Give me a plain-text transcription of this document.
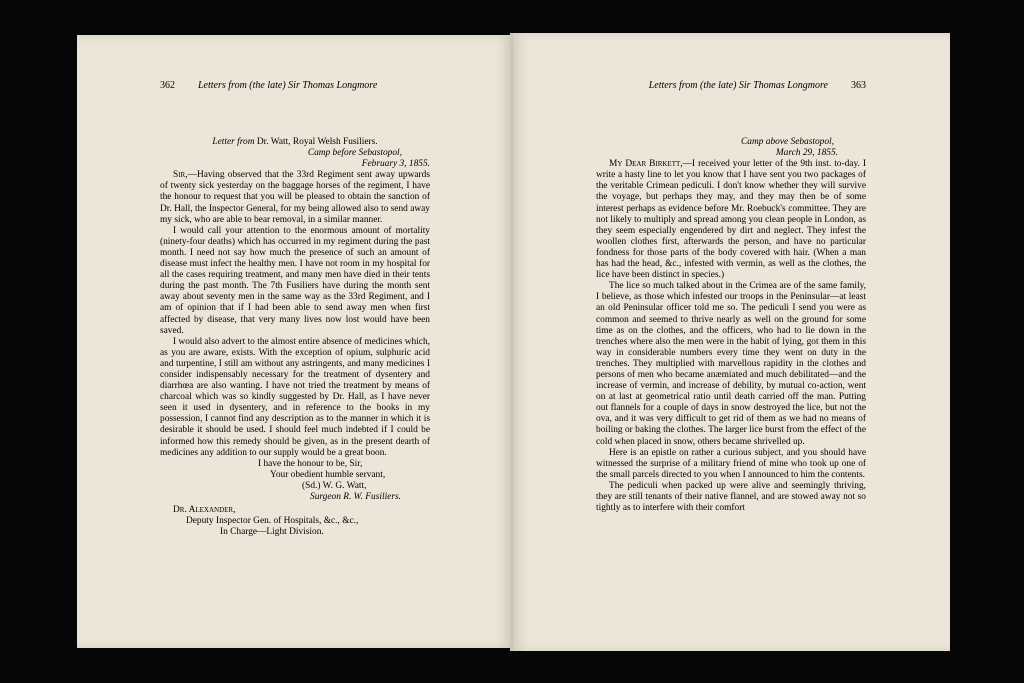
362 Letters from (the late) Sir Thomas Longmore

Letter from Dr. Watt, Royal Welsh Fusiliers.

Camp before Sebastopol,

February 3, 1855.

Sir,—Having observed that the 33rd Regiment sent away upwards of twenty sick yesterday on the baggage horses of the regiment, I have the honour to request that you will be pleased to obtain the sanction of Dr. Hall, the Inspector General, for my being allowed also to send away my sick, who are able to bear removal, in a similar manner.

I would call your attention to the enormous amount of mortality (ninety-four deaths) which has occurred in my regiment during the past month. I need not say how much the presence of such an amount of disease must infect the healthy men. I have not room in my hospital for all the cases requiring treatment, and many men have died in their tents during the past month. The 7th Fusiliers have during the month sent away about seventy men in the same way as the 33rd Regiment, and I am of opinion that if I had been able to send away men when first affected by disease, that very many lives now lost would have been saved.

I would also advert to the almost entire absence of medicines which, as you are aware, exists. With the exception of opium, sulphuric acid and turpentine, I still am without any astringents, and many medicines I consider indispensably necessary for the treatment of dysentery and diarrhœa are also wanting. I have not tried the treatment by means of charcoal which was so kindly suggested by Dr. Hall, as I have never seen it used in dysentery, and in reference to the books in my possession, I cannot find any description as to the manner in which it is desirable it should be used. I should feel much indebted if I could be informed how this remedy should be given, as in the present dearth of medicines any addition to our supply would be a great boon.

I have the honour to be, Sir,

Your obedient humble servant,

(Sd.) W. G. Watt,

Surgeon R. W. Fusiliers.

Dr. Alexander,

Deputy Inspector Gen. of Hospitals, &c., &c.,

In Charge—Light Division.

Letters from (the late) Sir Thomas Longmore 363

Camp above Sebastopol,

March 29, 1855.

My Dear Birkett,—I received your letter of the 9th inst. to-day. I write a hasty line to let you know that I have sent you two packages of the veritable Crimean pediculi. I don't know whether they will survive the voyage, but perhaps they may, and they may then be of some interest perhaps as evidence before Mr. Roebuck's committee. They are not likely to multiply and spread among you clean people in London, as they seem especially engendered by dirt and neglect. They infest the woollen clothes first, afterwards the person, and have no particular fondness for those parts of the body covered with hair. (When a man has had the head, &c., infested with vermin, as well as the clothes, the lice have been distinct in species.)

The lice so much talked about in the Crimea are of the same family, I believe, as those which infested our troops in the Peninsular—at least an old Peninsular officer told me so. The pediculi I send you were as common and seemed to thrive nearly as well on the ground for some time as on the clothes, and the officers, who had to lie down in the trenches where also the men were in the habit of lying, got them in this way in considerable numbers every time they went on duty in the trenches. They multiplied with marvellous rapidity in the clothes and persons of men who became anæmiated and much debilitated—and the increase of vermin, and increase of debility, by mutual co-action, went on at last at geometrical ratio until death carried off the man. Putting out flannels for a couple of days in snow destroyed the lice, but not the ova, and it was very difficult to get rid of them as we had no means of boiling or baking the clothes. The larger lice burst from the effect of the cold when placed in snow, others became shrivelled up.

Here is an epistle on rather a curious subject, and you should have witnessed the surprise of a military friend of mine who took up one of the small parcels directed to you when I announced to him the contents.

The pediculi when packed up were alive and seemingly thriving, they are still tenants of their native flannel, and are stowed away not so tightly as to interfere with their comfort
